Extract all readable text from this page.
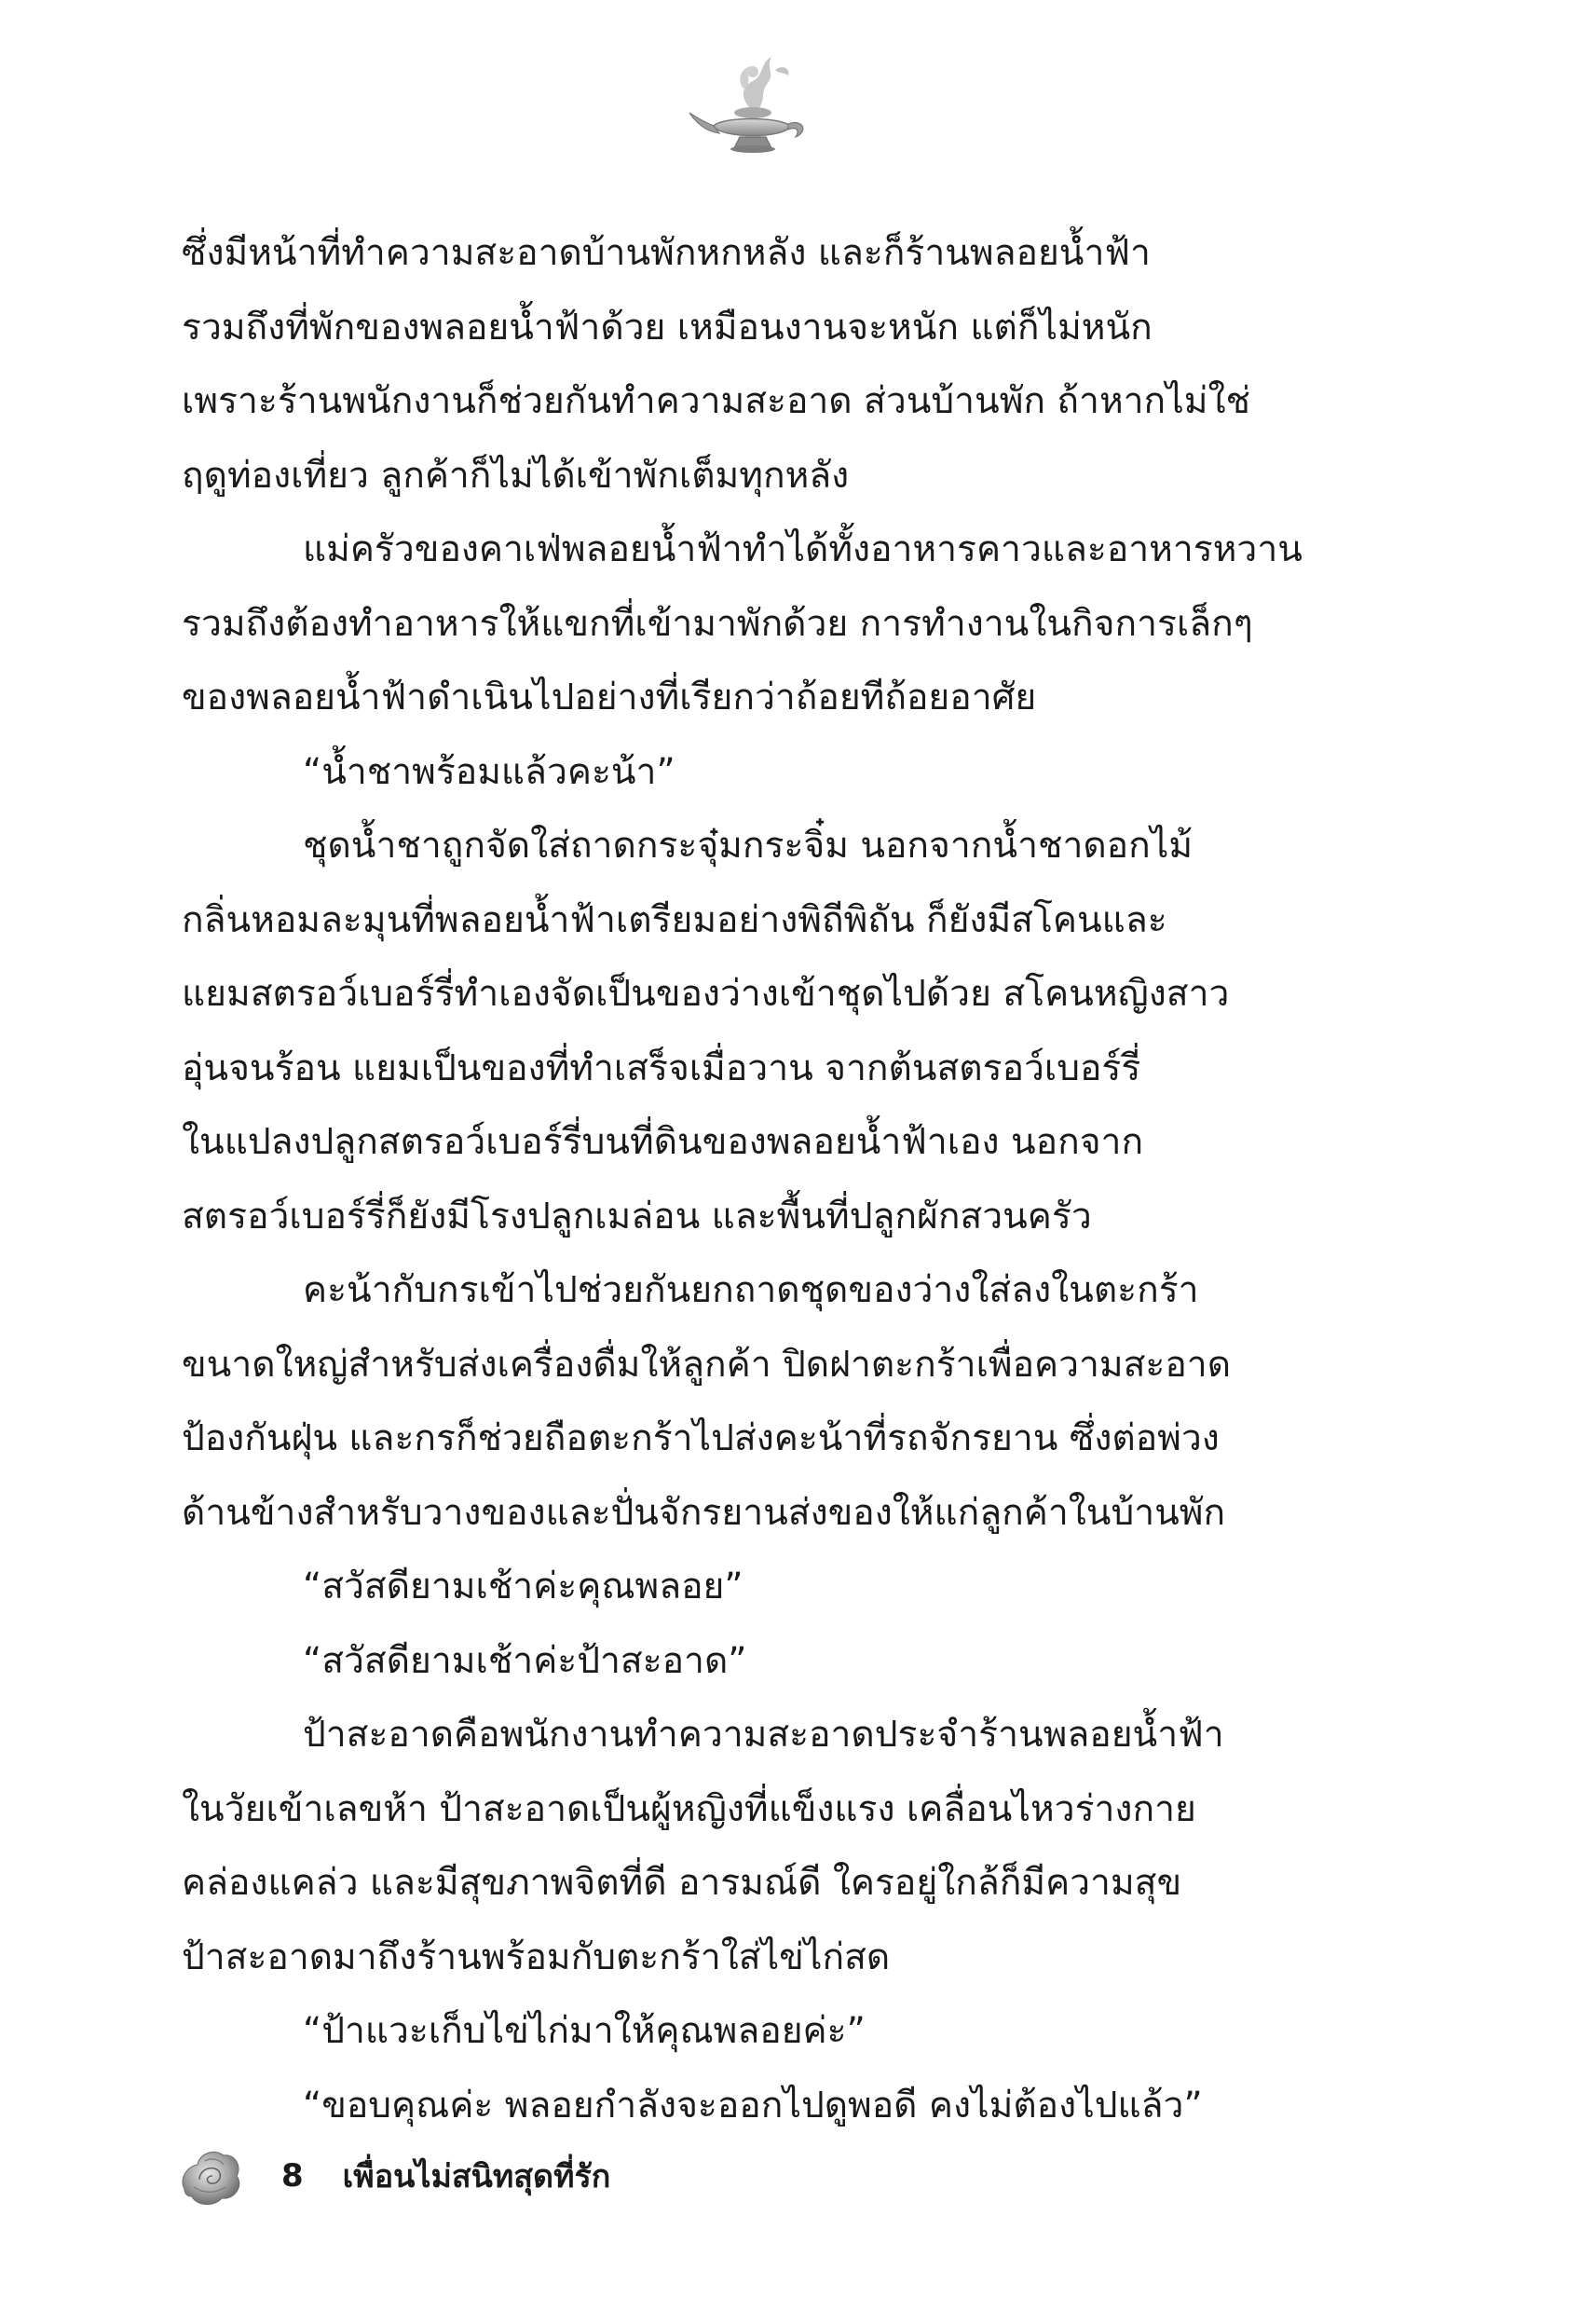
ซึ่งมีหน้าที่ทำความสะอาดบ้านพักหกหลัง และก็ร้านพลอยน้ำฟ้า
รวมถึงที่พักของพลอยน้ำฟ้าด้วย เหมือนงานจะหนัก แต่ก็ไม่หนัก
เพราะร้านพนักงานก็ช่วยกันทำความสะอาด ส่วนบ้านพัก ถ้าหากไม่ใช่
ฤดูท่องเที่ยว ลูกค้าก็ไม่ได้เข้าพักเต็มทุกหลัง
แม่ครัวของคาเฟ่พลอยน้ำฟ้าทำได้ทั้งอาหารคาวและอาหารหวาน
รวมถึงต้องทำอาหารให้แขกที่เข้ามาพักด้วย การทำงานในกิจการเล็กๆ
ของพลอยน้ำฟ้าดำเนินไปอย่างที่เรียกว่าถ้อยทีถ้อยอาศัย
“น้ำชาพร้อมแล้วคะน้า”
ชุดน้ำชาถูกจัดใส่ถาดกระจุ๋มกระจิ๋ม นอกจากน้ำชาดอกไม้
กลิ่นหอมละมุนที่พลอยน้ำฟ้าเตรียมอย่างพิถีพิถัน ก็ยังมีสโคนและ
แยมสตรอว์เบอร์รี่ทำเองจัดเป็นของว่างเข้าชุดไปด้วย สโคนหญิงสาว
อุ่นจนร้อน แยมเป็นของที่ทำเสร็จเมื่อวาน จากต้นสตรอว์เบอร์รี่
ในแปลงปลูกสตรอว์เบอร์รี่บนที่ดินของพลอยน้ำฟ้าเอง นอกจาก
สตรอว์เบอร์รี่ก็ยังมีโรงปลูกเมล่อน และพื้นที่ปลูกผักสวนครัว
คะน้ากับกรเข้าไปช่วยกันยกถาดชุดของว่างใส่ลงในตะกร้า
ขนาดใหญ่สำหรับส่งเครื่องดื่มให้ลูกค้า ปิดฝาตะกร้าเพื่อความสะอาด
ป้องกันฝุ่น และกรก็ช่วยถือตะกร้าไปส่งคะน้าที่รถจักรยาน ซึ่งต่อพ่วง
ด้านข้างสำหรับวางของและปั่นจักรยานส่งของให้แก่ลูกค้าในบ้านพัก
“สวัสดียามเช้าค่ะคุณพลอย”
“สวัสดียามเช้าค่ะป้าสะอาด”
ป้าสะอาดคือพนักงานทำความสะอาดประจำร้านพลอยน้ำฟ้า
ในวัยเข้าเลขห้า ป้าสะอาดเป็นผู้หญิงที่แข็งแรง เคลื่อนไหวร่างกาย
คล่องแคล่ว และมีสุขภาพจิตที่ดี อารมณ์ดี ใครอยู่ใกล้ก็มีความสุข
ป้าสะอาดมาถึงร้านพร้อมกับตะกร้าใส่ไข่ไก่สด
“ป้าแวะเก็บไข่ไก่มาให้คุณพลอยค่ะ”
“ขอบคุณค่ะ พลอยกำลังจะออกไปดูพอดี คงไม่ต้องไปแล้ว”
8 เพื่อนไม่สนิทสุดที่รัก
